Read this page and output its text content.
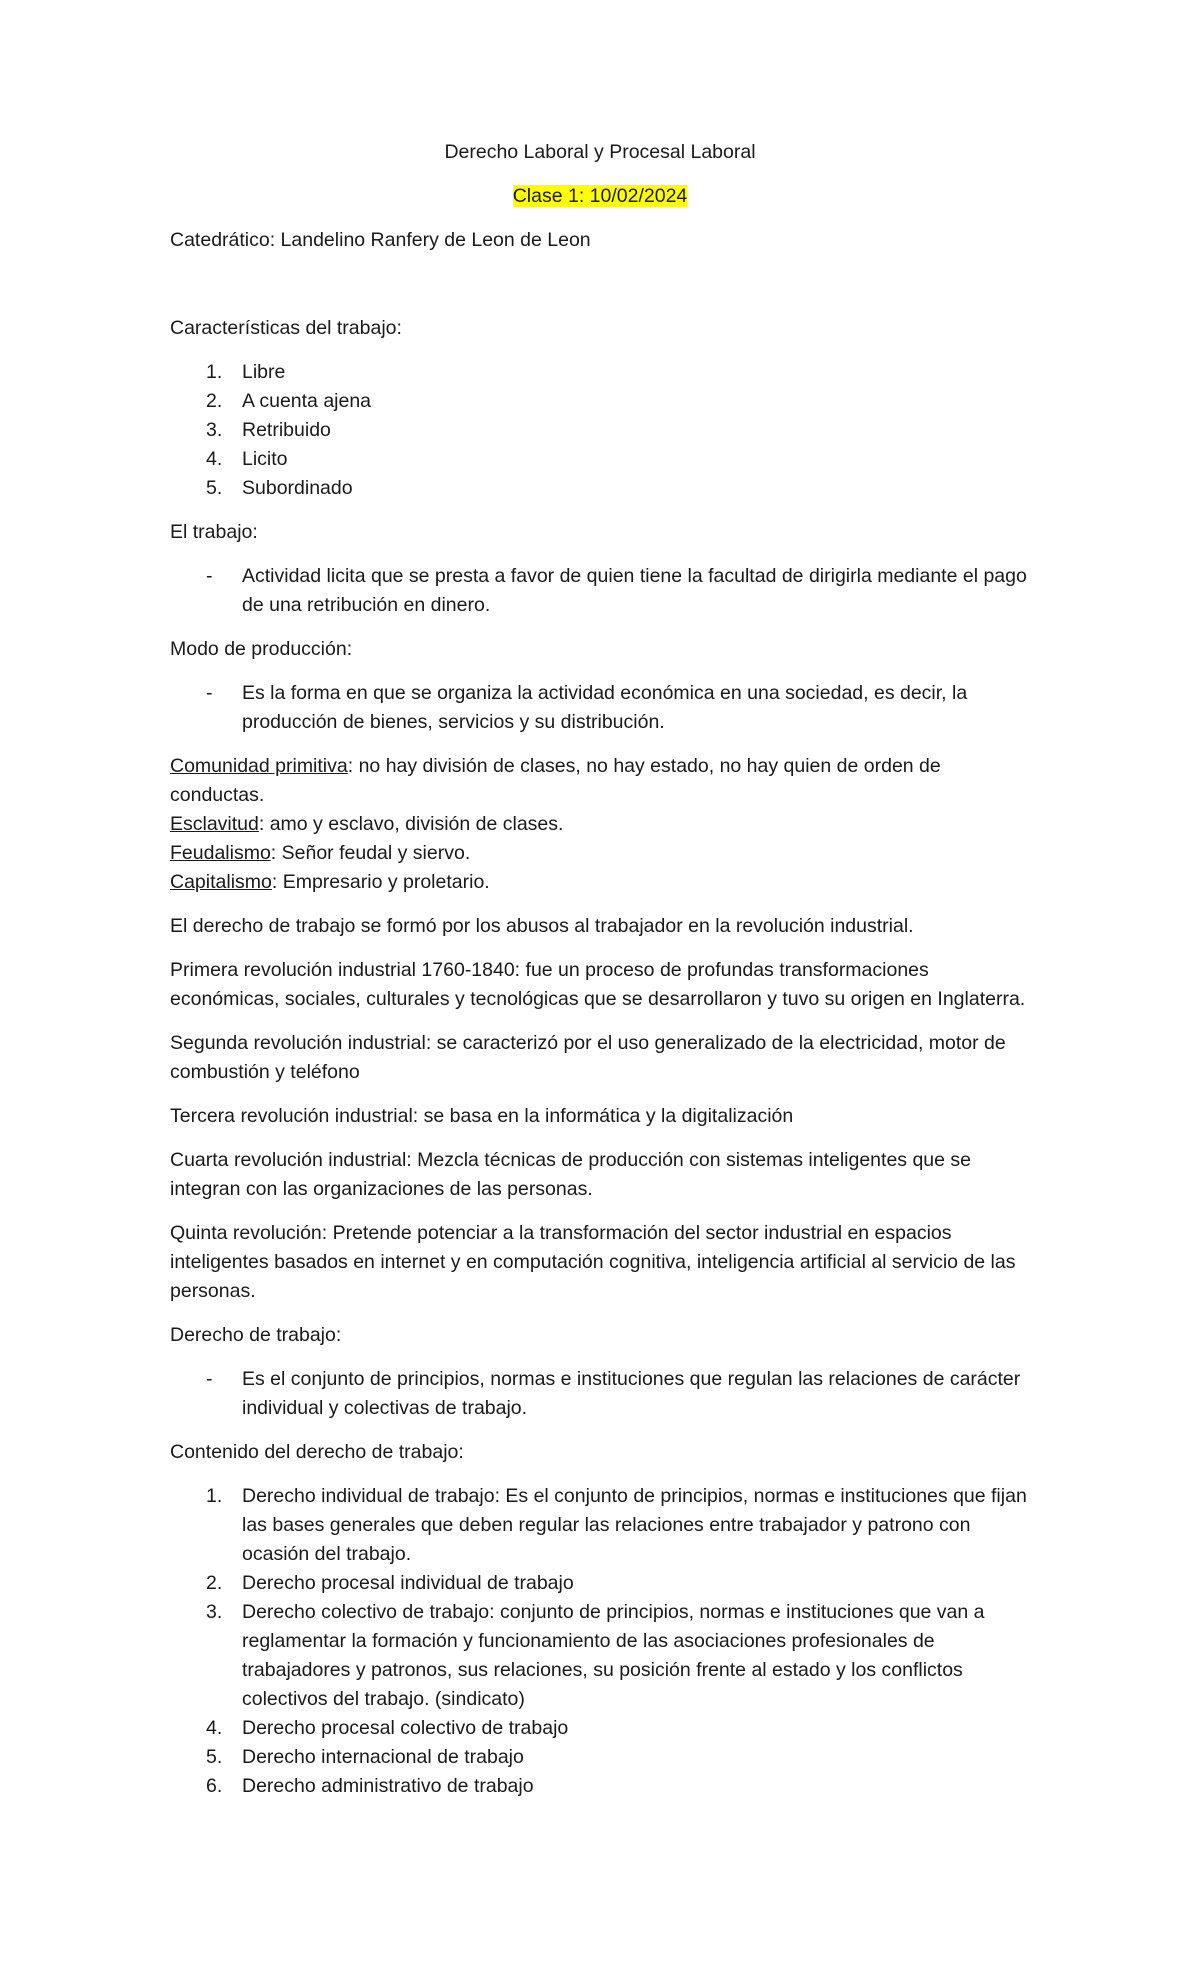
Derecho Laboral y Procesal Laboral

Clase 1: 10/02/2024

Catedrático: Landelino Ranfery de Leon de Leon

Características del trabajo:

1.	Libre
2.	A cuenta ajena
3.	Retribuido
4.	Licito
5.	Subordinado

El trabajo:

-	Actividad licita que se presta a favor de quien tiene la facultad de dirigirla mediante el pago de una retribución en dinero.

Modo de producción:

-	Es la forma en que se organiza la actividad económica en una sociedad, es decir, la producción de bienes, servicios y su distribución.

Comunidad primitiva: no hay división de clases, no hay estado, no hay quien de orden de conductas.
Esclavitud: amo y esclavo, división de clases.
Feudalismo: Señor feudal y siervo.
Capitalismo: Empresario y proletario.

El derecho de trabajo se formó por los abusos al trabajador en la revolución industrial.

Primera revolución industrial 1760-1840: fue un proceso de profundas transformaciones económicas, sociales, culturales y tecnológicas que se desarrollaron y tuvo su origen en Inglaterra.

Segunda revolución industrial: se caracterizó por el uso generalizado de la electricidad, motor de combustión y teléfono

Tercera revolución industrial: se basa en la informática y la digitalización

Cuarta revolución industrial: Mezcla técnicas de producción con sistemas inteligentes que se integran con las organizaciones de las personas.

Quinta revolución: Pretende potenciar a la transformación del sector industrial en espacios inteligentes basados en internet y en computación cognitiva, inteligencia artificial al servicio de las personas.

Derecho de trabajo:

-	Es el conjunto de principios, normas e instituciones que regulan las relaciones de carácter individual y colectivas de trabajo.

Contenido del derecho de trabajo:

1.	Derecho individual de trabajo: Es el conjunto de principios, normas e instituciones que fijan las bases generales que deben regular las relaciones entre trabajador y patrono con ocasión del trabajo.
2.	Derecho procesal individual de trabajo
3.	Derecho colectivo de trabajo: conjunto de principios, normas e instituciones que van a reglamentar la formación y funcionamiento de las asociaciones profesionales de trabajadores y patronos, sus relaciones, su posición frente al estado y los conflictos colectivos del trabajo. (sindicato)
4.	Derecho procesal colectivo de trabajo
5.	Derecho internacional de trabajo
6.	Derecho administrativo de trabajo
